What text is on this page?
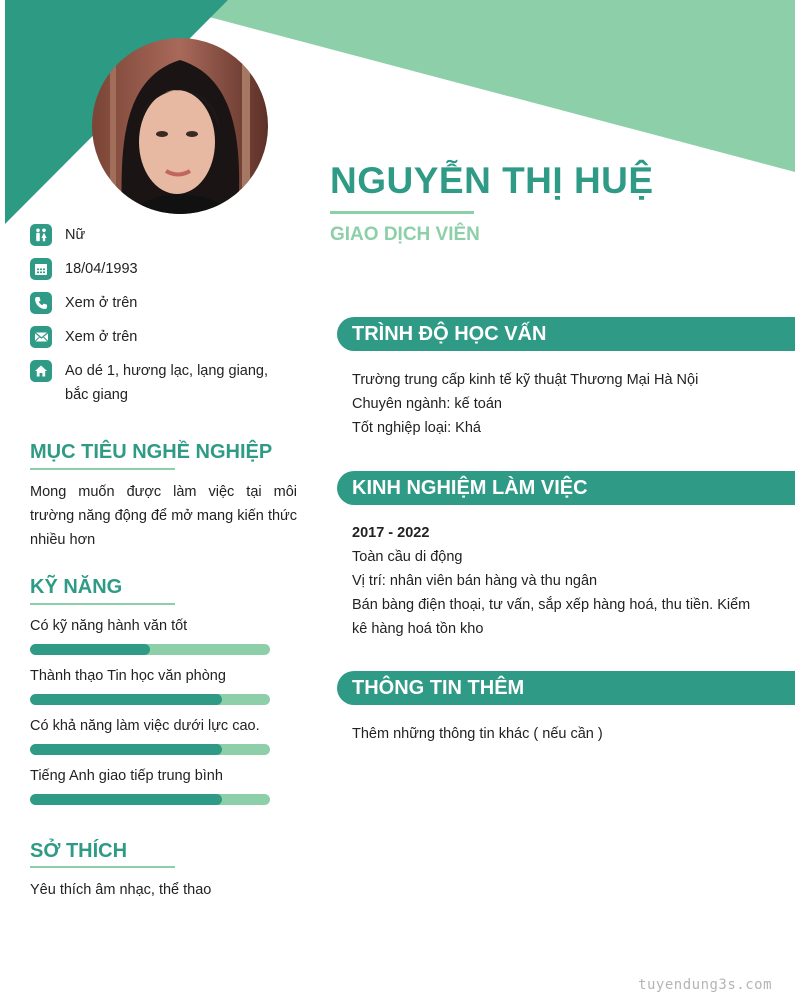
NGUYỄN THỊ HUỆ
GIAO DỊCH VIÊN
Nữ
18/04/1993
Xem ở trên
Xem ở trên
Ao dé 1, hương lạc, lạng giang, bắc giang
MỤC TIÊU NGHỀ NGHIỆP
Mong muốn được làm việc tại môi trường năng động để mở mang kiến thức nhiều hơn
KỸ NĂNG
Có kỹ năng hành văn tốt
Thành thạo Tin học văn phòng
Có khả năng làm việc dưới lực cao.
Tiếng Anh giao tiếp trung bình
SỞ THÍCH
Yêu thích âm nhạc, thể thao
TRÌNH ĐỘ HỌC VẤN
Trường trung cấp kinh tế kỹ thuật Thương Mại Hà Nội
Chuyên ngành: kế toán
Tốt nghiệp loại: Khá
KINH NGHIỆM LÀM VIỆC
2017 - 2022
Toàn cầu di động
Vị trí: nhân viên bán hàng và thu ngân
Bán bàng điện thoại, tư vấn, sắp xếp hàng hoá, thu tiền. Kiểm kê hàng hoá tồn kho
THÔNG TIN THÊM
Thêm những thông tin khác ( nếu cần )
tuyendung3s.com
